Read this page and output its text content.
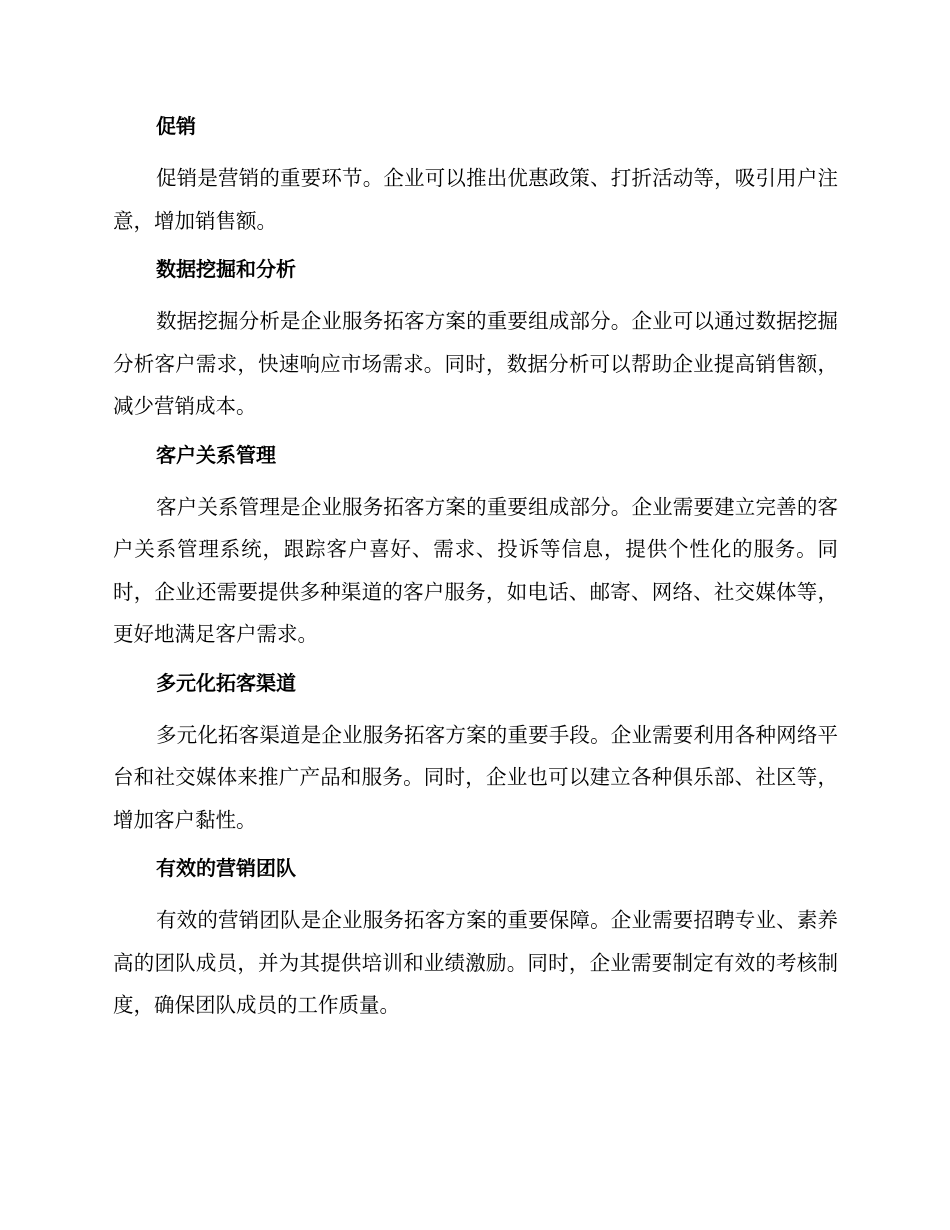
促销

促销是营销的重要环节。企业可以推出优惠政策、打折活动等，吸引用户注意，增加销售额。

数据挖掘和分析

数据挖掘分析是企业服务拓客方案的重要组成部分。企业可以通过数据挖掘分析客户需求，快速响应市场需求。同时，数据分析可以帮助企业提高销售额，减少营销成本。

客户关系管理

客户关系管理是企业服务拓客方案的重要组成部分。企业需要建立完善的客户关系管理系统，跟踪客户喜好、需求、投诉等信息，提供个性化的服务。同时，企业还需要提供多种渠道的客户服务，如电话、邮寄、网络、社交媒体等，更好地满足客户需求。

多元化拓客渠道

多元化拓客渠道是企业服务拓客方案的重要手段。企业需要利用各种网络平台和社交媒体来推广产品和服务。同时，企业也可以建立各种俱乐部、社区等，增加客户黏性。

有效的营销团队

有效的营销团队是企业服务拓客方案的重要保障。企业需要招聘专业、素养高的团队成员，并为其提供培训和业绩激励。同时，企业需要制定有效的考核制度，确保团队成员的工作质量。
